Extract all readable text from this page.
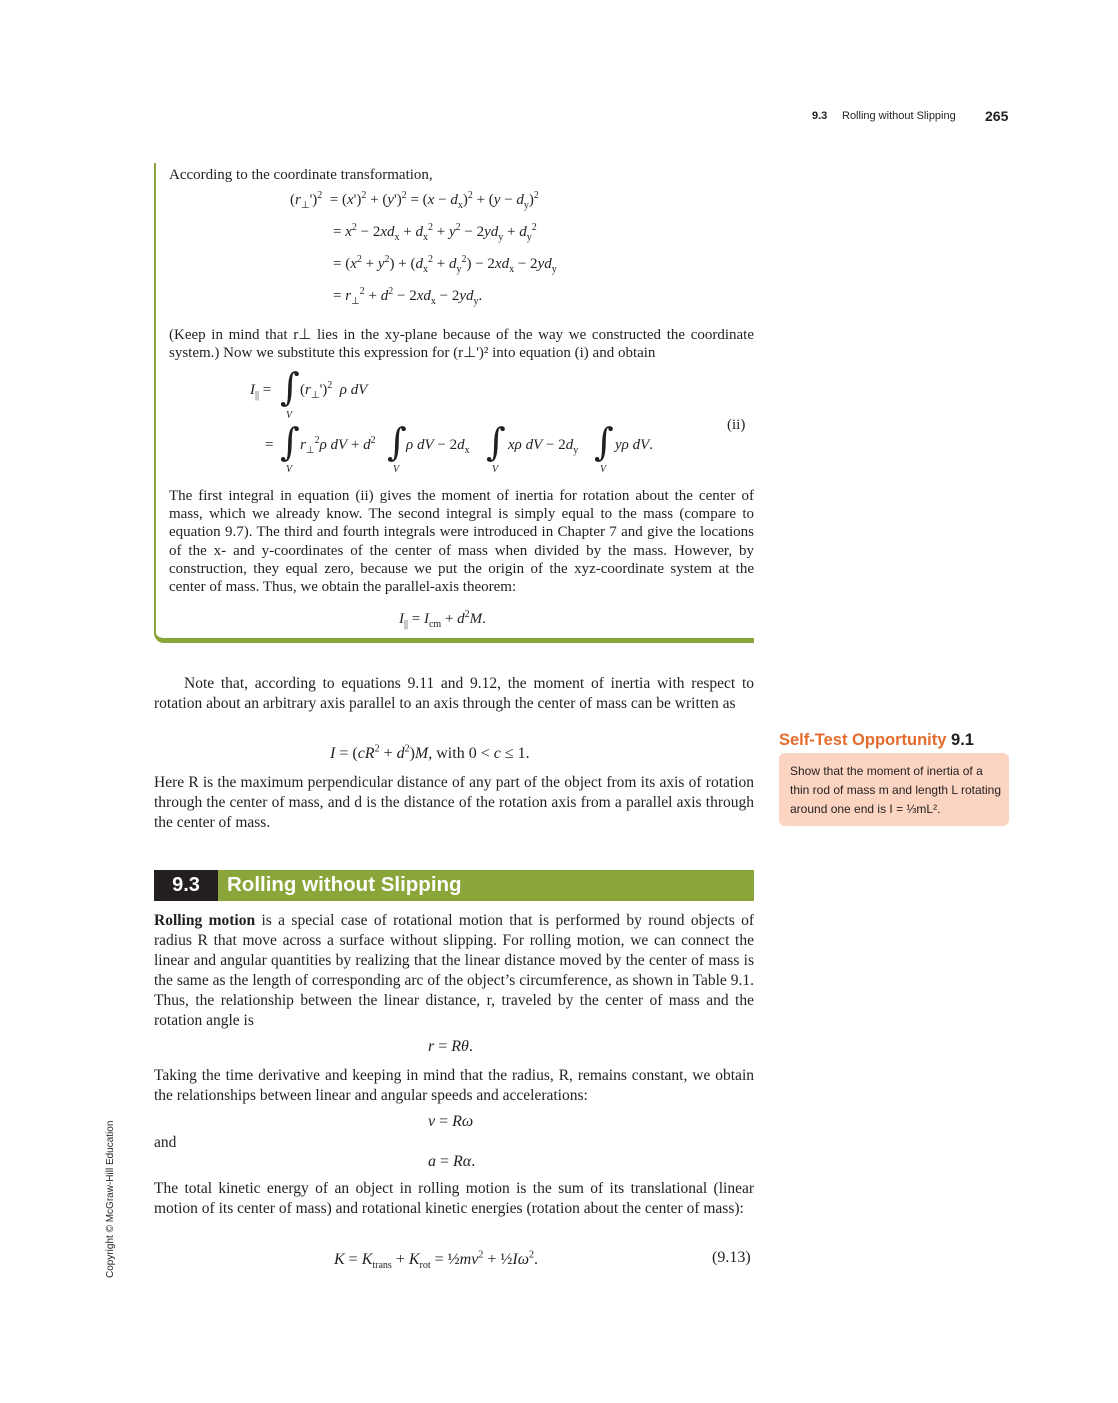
9.3 Rolling without Slipping 265
According to the coordinate transformation,
$(r_\perp')^2 = (x')^2 + (y')^2 = (x - d_x)^2 + (y - d_y)^2$
= $x^2 - 2xd_x + d_x^2 + y^2 - 2yd_y + d_y^2$
= $(x^2 + y^2) + (d_x^2 + d_y^2) - 2xd_x - 2yd_y$
= $r_\perp^2 + d^2 - 2xd_x - 2yd_y$.
(Keep in mind that r⊥ lies in the xy-plane because of the way we constructed the coordinate system.) Now we substitute this expression for (r⊥')² into equation (i) and obtain
$I_{||}$ = ∫
V
$(r_\perp')^2$ ρ dV
= ∫
V
$r_\perp^2\rho$ dV + $d^2$ ∫
V
ρ dV − $2d_x$ ∫
V
xρ dV − $2d_y$ ∫
V
yρ dV.
(ii)
The first integral in equation (ii) gives the moment of inertia for rotation about the center of mass, which we already know. The second integral is simply equal to the mass (compare to equation 9.7). The third and fourth integrals were introduced in Chapter 7 and give the locations of the x- and y-coordinates of the center of mass when divided by the mass. However, by construction, they equal zero, because we put the origin of the xyz-coordinate system at the center of mass. Thus, we obtain the parallel-axis theorem:
$I_{||} = I_{cm} + d^2M$.
Note that, according to equations 9.11 and 9.12, the moment of inertia with respect to rotation about an arbitrary axis parallel to an axis through the center of mass can be written as
$I = (cR^2 + d^2)M$, with 0 < c ≤ 1.
Here R is the maximum perpendicular distance of any part of the object from its axis of rotation through the center of mass, and d is the distance of the rotation axis from a parallel axis through the center of mass.
Self-Test Opportunity 9.1
Show that the moment of inertia of a thin rod of mass m and length L rotating around one end is I = ⅓mL².
9.3	Rolling without Slipping
Rolling motion is a special case of rotational motion that is performed by round objects of radius R that move across a surface without slipping. For rolling motion, we can connect the linear and angular quantities by realizing that the linear distance moved by the center of mass is the same as the length of corresponding arc of the object’s circumference, as shown in Table 9.1. Thus, the relationship between the linear distance, r, traveled by the center of mass and the rotation angle is
r = Rθ.
Taking the time derivative and keeping in mind that the radius, R, remains constant, we obtain the relationships between linear and angular speeds and accelerations:
v = Rω
and
a = Rα.
The total kinetic energy of an object in rolling motion is the sum of its translational (linear motion of its center of mass) and rotational kinetic energies (rotation about the center of mass):
$K = K_{trans} + K_{rot}$ = $\frac{1}{2}mv^2$ + $\frac{1}{2}I\omega^2$.	(9.13)
Copyright © McGraw-Hill Education
